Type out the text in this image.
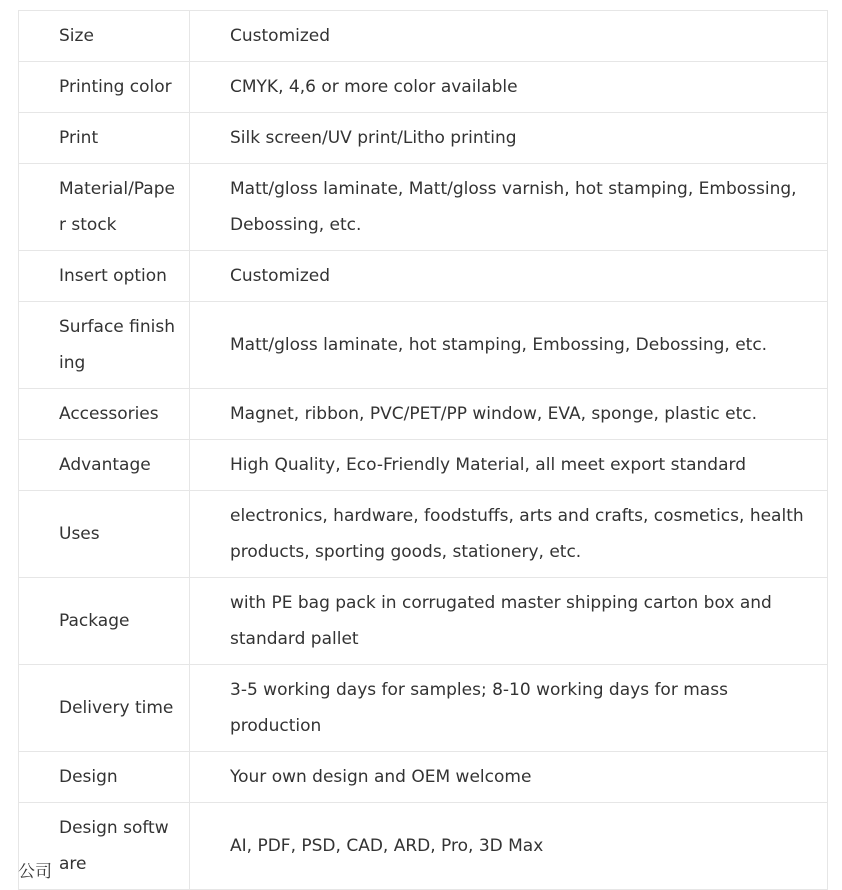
Size	Customized
Printing color	CMYK, 4,6 or more color available
Print	Silk screen/UV print/Litho printing
Material/Paper stock	Matt/gloss laminate, Matt/gloss varnish, hot stamping, Embossing, Debossing, etc.
Insert option	Customized
Surface finishing	Matt/gloss laminate, hot stamping, Embossing, Debossing, etc.
Accessories	Magnet, ribbon, PVC/PET/PP window, EVA, sponge, plastic etc.
Advantage	High Quality, Eco-Friendly Material, all meet export standard
Uses	electronics, hardware, foodstuffs, arts and crafts, cosmetics, health products, sporting goods, stationery, etc.
Package	with PE bag pack in corrugated master shipping carton box and standard pallet
Delivery time	3-5 working days for samples; 8-10 working days for mass production
Design	Your own design and OEM welcome
Design software	AI, PDF, PSD, CAD, ARD, Pro, 3D Max
公司
